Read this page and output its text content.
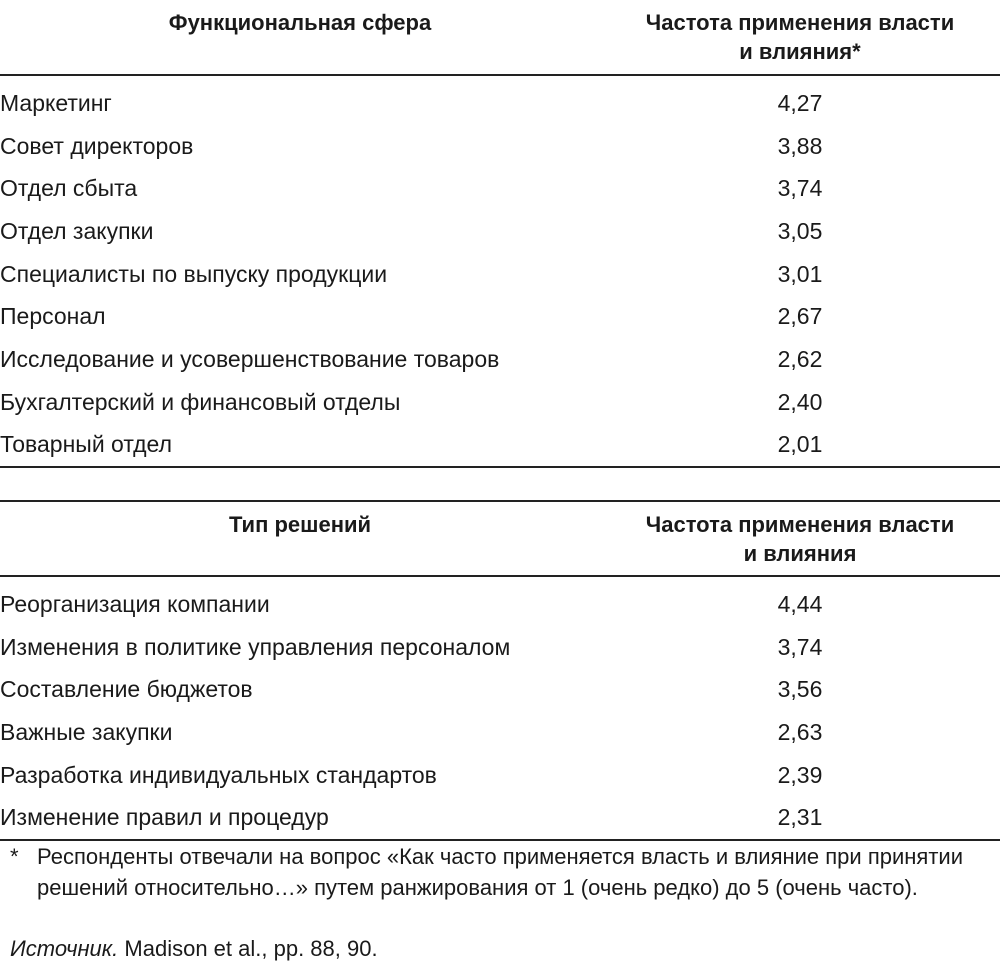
Функциональная сфера	Частота применения власти
и влияния*
Маркетинг	4,27
Совет директоров	3,88
Отдел сбыта	3,74
Отдел закупки	3,05
Специалисты по выпуску продукции	3,01
Персонал	2,67
Исследование и усовершенствование товаров	2,62
Бухгалтерский и финансовый отделы	2,40
Товарный отдел	2,01
Тип решений	Частота применения власти
и влияния
Реорганизация компании	4,44
Изменения в политике управления персоналом	3,74
Составление бюджетов	3,56
Важные закупки	2,63
Разработка индивидуальных стандартов	2,39
Изменение правил и процедур	2,31
* Респонденты отвечали на вопрос «Как часто применяется власть и влияние при принятии решений относительно…» путем ранжирования от 1 (очень редко) до 5 (очень часто).
Источник. Madison et al., pp. 88, 90.
